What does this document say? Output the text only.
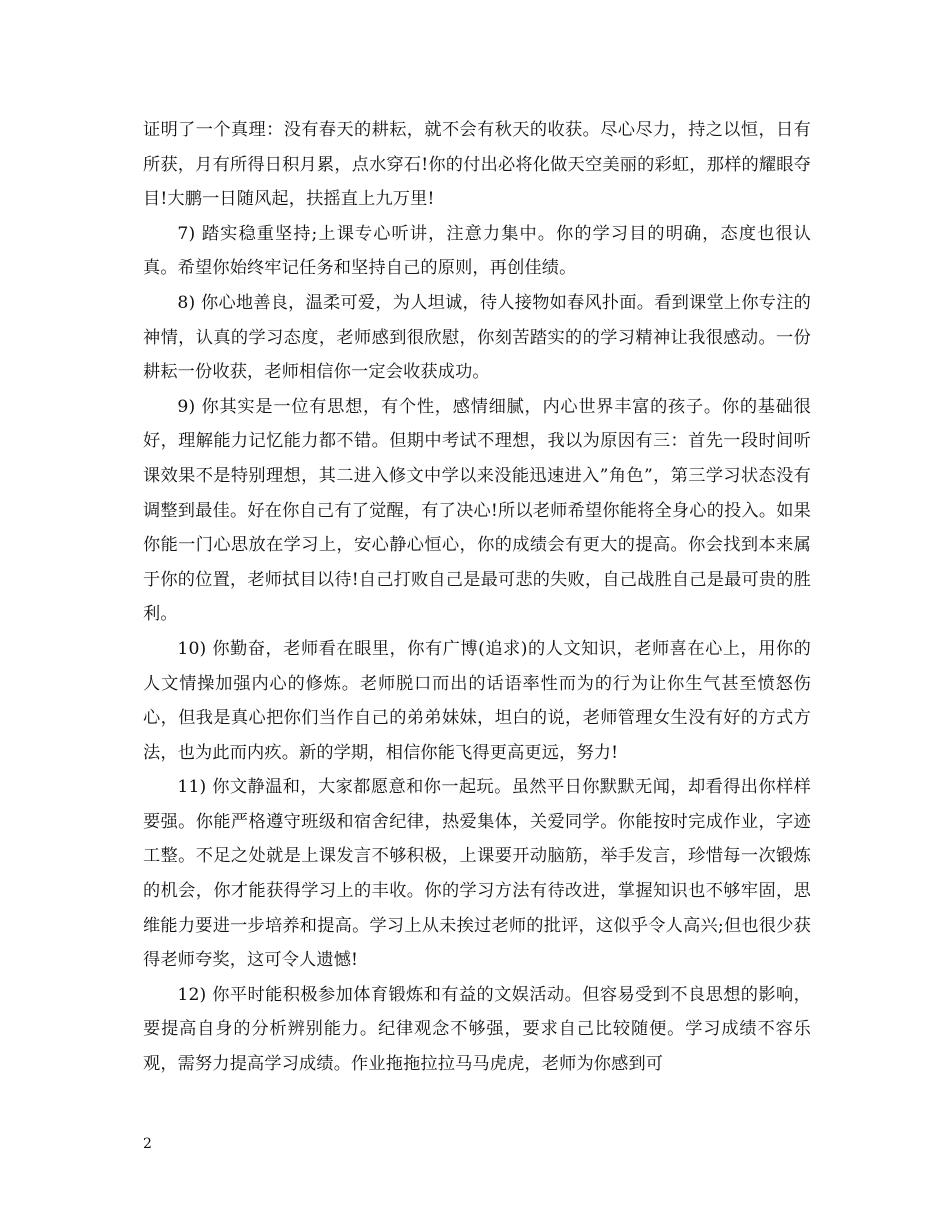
证明了一个真理：没有春天的耕耘，就不会有秋天的收获。尽心尽力，持之以恒，日有所获，月有所得日积月累，点水穿石!你的付出必将化做天空美丽的彩虹，那样的耀眼夺目!大鹏一日随风起，扶摇直上九万里!

7) 踏实稳重坚持;上课专心听讲，注意力集中。你的学习目的明确，态度也很认真。希望你始终牢记任务和坚持自己的原则，再创佳绩。

8) 你心地善良，温柔可爱，为人坦诚，待人接物如春风扑面。看到课堂上你专注的神情，认真的学习态度，老师感到很欣慰，你刻苦踏实的的学习精神让我很感动。一份耕耘一份收获，老师相信你一定会收获成功。

9) 你其实是一位有思想，有个性，感情细腻，内心世界丰富的孩子。你的基础很好，理解能力记忆能力都不错。但期中考试不理想，我以为原因有三：首先一段时间听课效果不是特别理想，其二进入修文中学以来没能迅速进入”角色”，第三学习状态没有调整到最佳。好在你自己有了觉醒，有了决心!所以老师希望你能将全身心的投入。如果你能一门心思放在学习上，安心静心恒心，你的成绩会有更大的提高。你会找到本来属于你的位置，老师拭目以待!自己打败自己是最可悲的失败，自己战胜自己是最可贵的胜利。

10) 你勤奋，老师看在眼里，你有广博(追求)的人文知识，老师喜在心上，用你的人文情操加强内心的修炼。老师脱口而出的话语率性而为的行为让你生气甚至愤怒伤心，但我是真心把你们当作自己的弟弟妹妹，坦白的说，老师管理女生没有好的方式方法，也为此而内疚。新的学期，相信你能飞得更高更远，努力!

11) 你文静温和，大家都愿意和你一起玩。虽然平日你默默无闻，却看得出你样样要强。你能严格遵守班级和宿舍纪律，热爱集体，关爱同学。你能按时完成作业，字迹工整。不足之处就是上课发言不够积极，上课要开动脑筋，举手发言，珍惜每一次锻炼的机会，你才能获得学习上的丰收。你的学习方法有待改进，掌握知识也不够牢固，思维能力要进一步培养和提高。学习上从未挨过老师的批评，这似乎令人高兴;但也很少获得老师夸奖，这可令人遗憾!

12) 你平时能积极参加体育锻炼和有益的文娱活动。但容易受到不良思想的影响，要提高自身的分析辨别能力。纪律观念不够强，要求自己比较随便。学习成绩不容乐观，需努力提高学习成绩。作业拖拖拉拉马马虎虎，老师为你感到可

2
